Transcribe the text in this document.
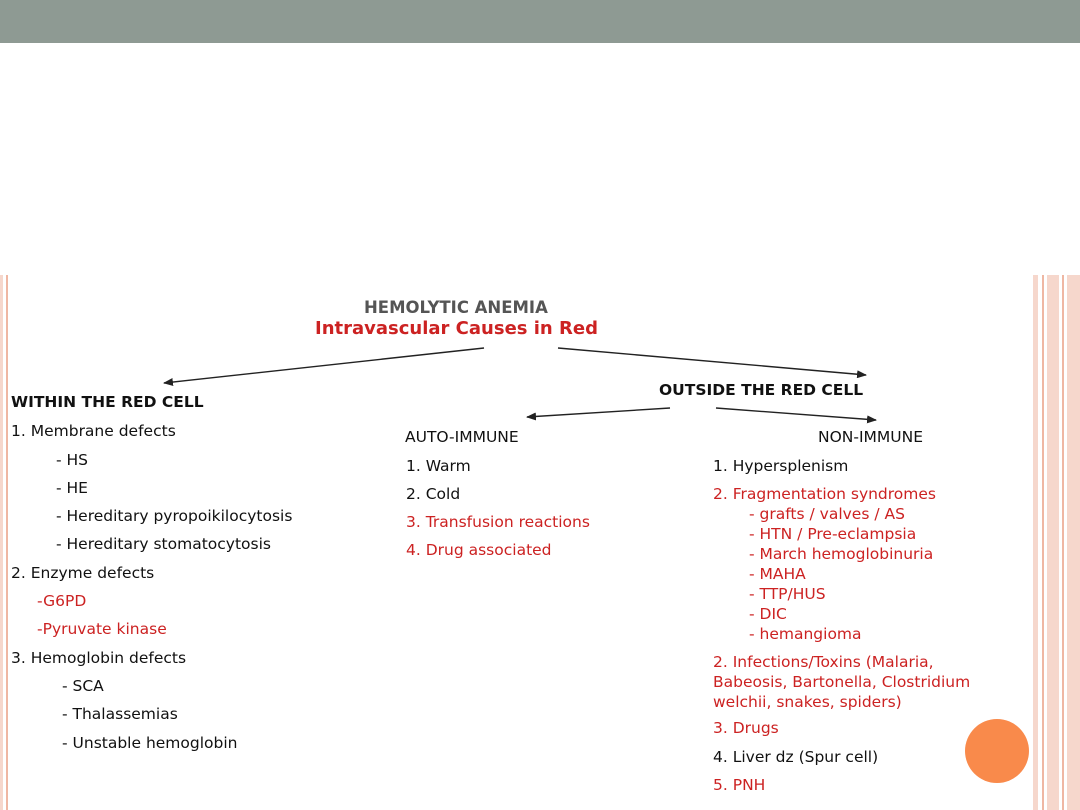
HEMOLYTIC ANEMIA
Intravascular Causes in Red
WITHIN THE RED CELL
OUTSIDE THE RED CELL
AUTO-IMMUNE	NON-IMMUNE
1. Membrane defects
- HS
- HE
- Hereditary pyropoikilocytosis
- Hereditary stomatocytosis
2. Enzyme defects
-G6PD
-Pyruvate kinase
3. Hemoglobin defects
- SCA
- Thalassemias
- Unstable hemoglobin
1. Warm
2. Cold
3. Transfusion reactions
4. Drug associated
1. Hypersplenism
2. Fragmentation syndromes
- grafts / valves / AS
- HTN / Pre-eclampsia
- March hemoglobinuria
- MAHA
- TTP/HUS
- DIC
- hemangioma
2. Infections/Toxins (Malaria,
Babeosis, Bartonella, Clostridium
welchii, snakes, spiders)
3. Drugs
4. Liver dz (Spur cell)
5. PNH
